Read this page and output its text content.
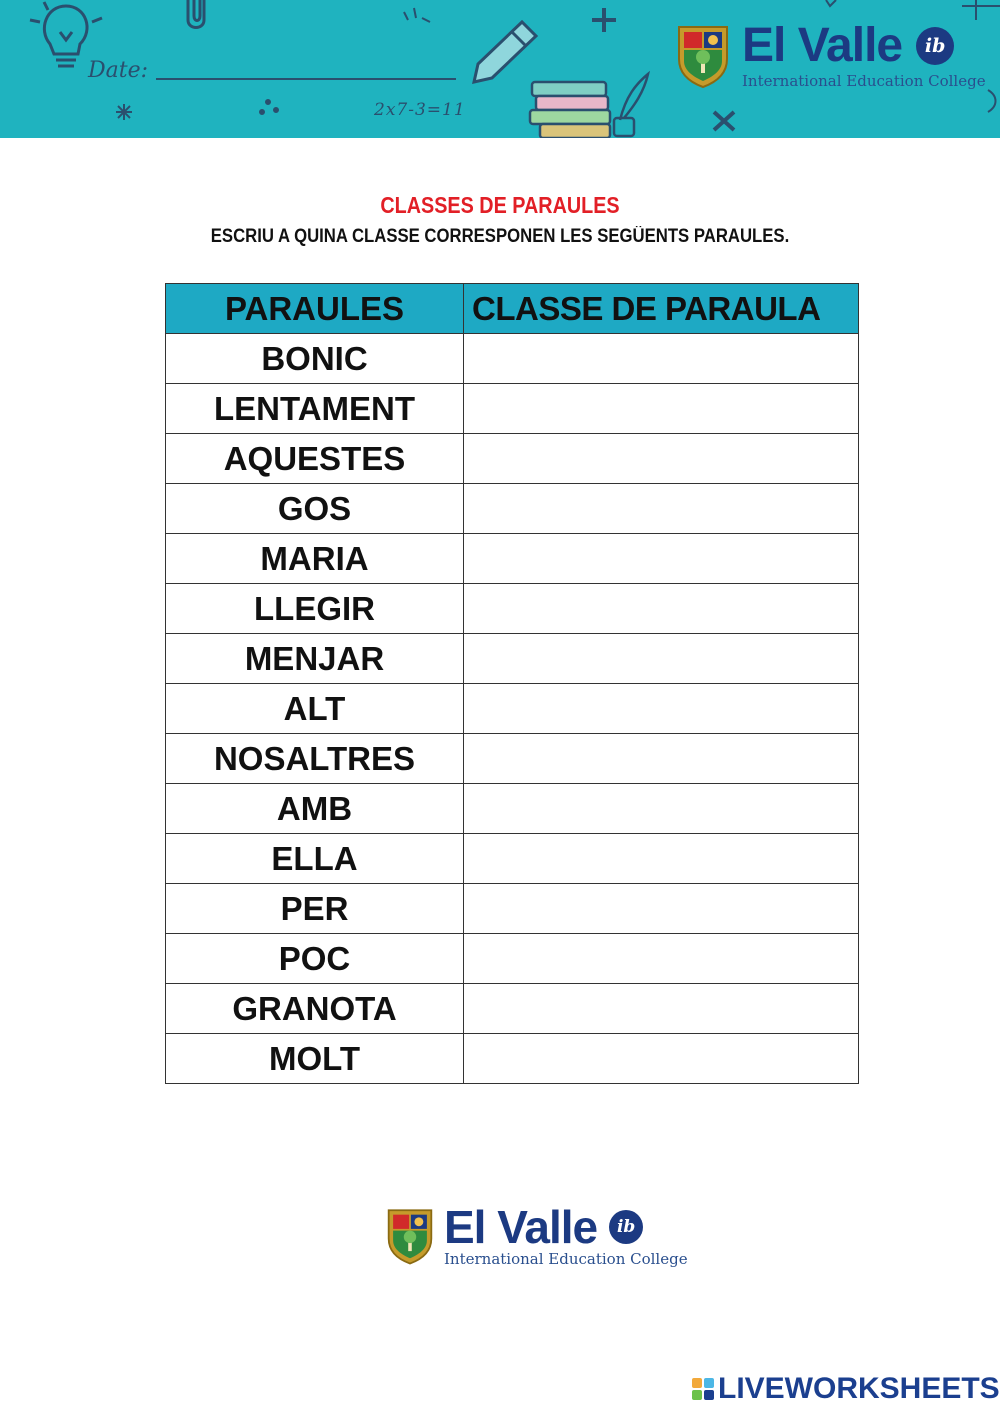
Date:
2x7-3=11
El Valle	ib
International Education College
CLASSES DE PARAULES
ESCRIU A QUINA CLASSE CORRESPONEN LES SEGÜENTS PARAULES.
PARAULES	CLASSE DE PARAULA
BONIC	
LENTAMENT	
AQUESTES	
GOS	
MARIA	
LLEGIR	
MENJAR	
ALT	
NOSALTRES	
AMB	
ELLA	
PER	
POC	
GRANOTA	
MOLT	
El Valle	ib
International Education College
LIVEWORKSHEETS
